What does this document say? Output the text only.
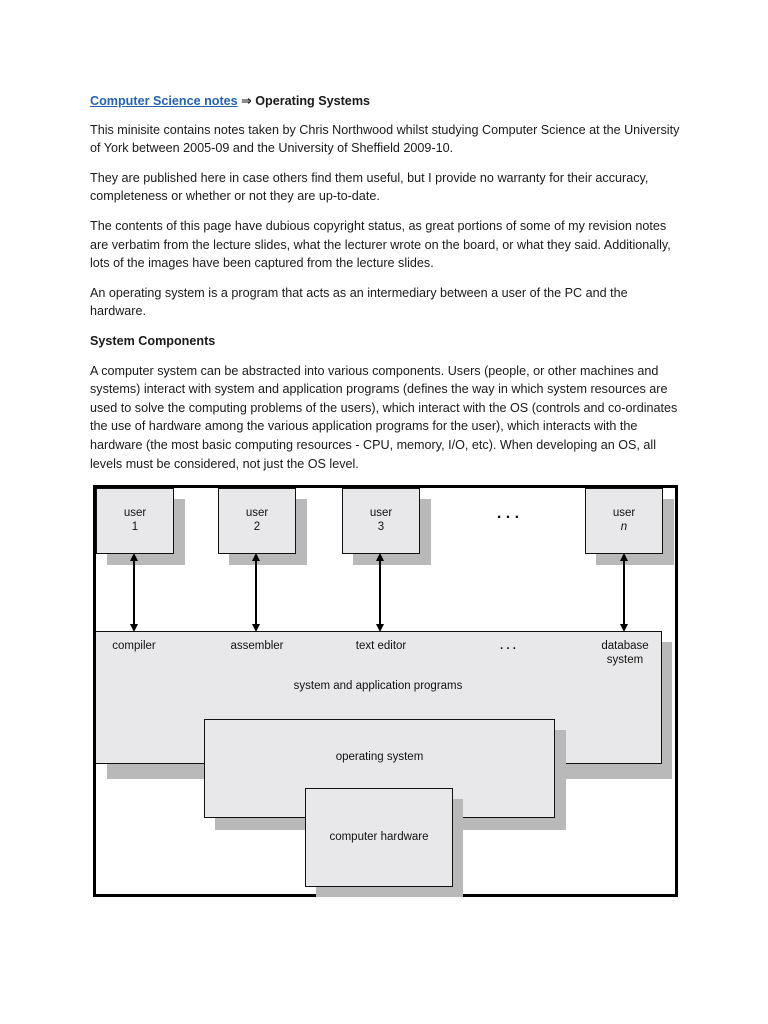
Computer Science notes ⇒ Operating Systems

This minisite contains notes taken by Chris Northwood whilst studying Computer Science at the University of York between 2005-09 and the University of Sheffield 2009-10.

They are published here in case others find them useful, but I provide no warranty for their accuracy, completeness or whether or not they are up-to-date.

The contents of this page have dubious copyright status, as great portions of some of my revision notes are verbatim from the lecture slides, what the lecturer wrote on the board, or what they said. Additionally, lots of the images have been captured from the lecture slides.

An operating system is a program that acts as an intermediary between a user of the PC and the hardware.

System Components

A computer system can be abstracted into various components. Users (people, or other machines and systems) interact with system and application programs (defines the way in which system resources are used to solve the computing problems of the users), which interact with the OS (controls and co-ordinates the use of hardware among the various application programs for the user), which interacts with the hardware (the most basic computing resources - CPU, memory, I/O, etc). When developing an OS, all levels must be considered, not just the OS level.

user
1
user
2
user
3
user
n
. . .
compiler	assembler	text editor	. . .	database
system
system and application programs
operating system
computer hardware
